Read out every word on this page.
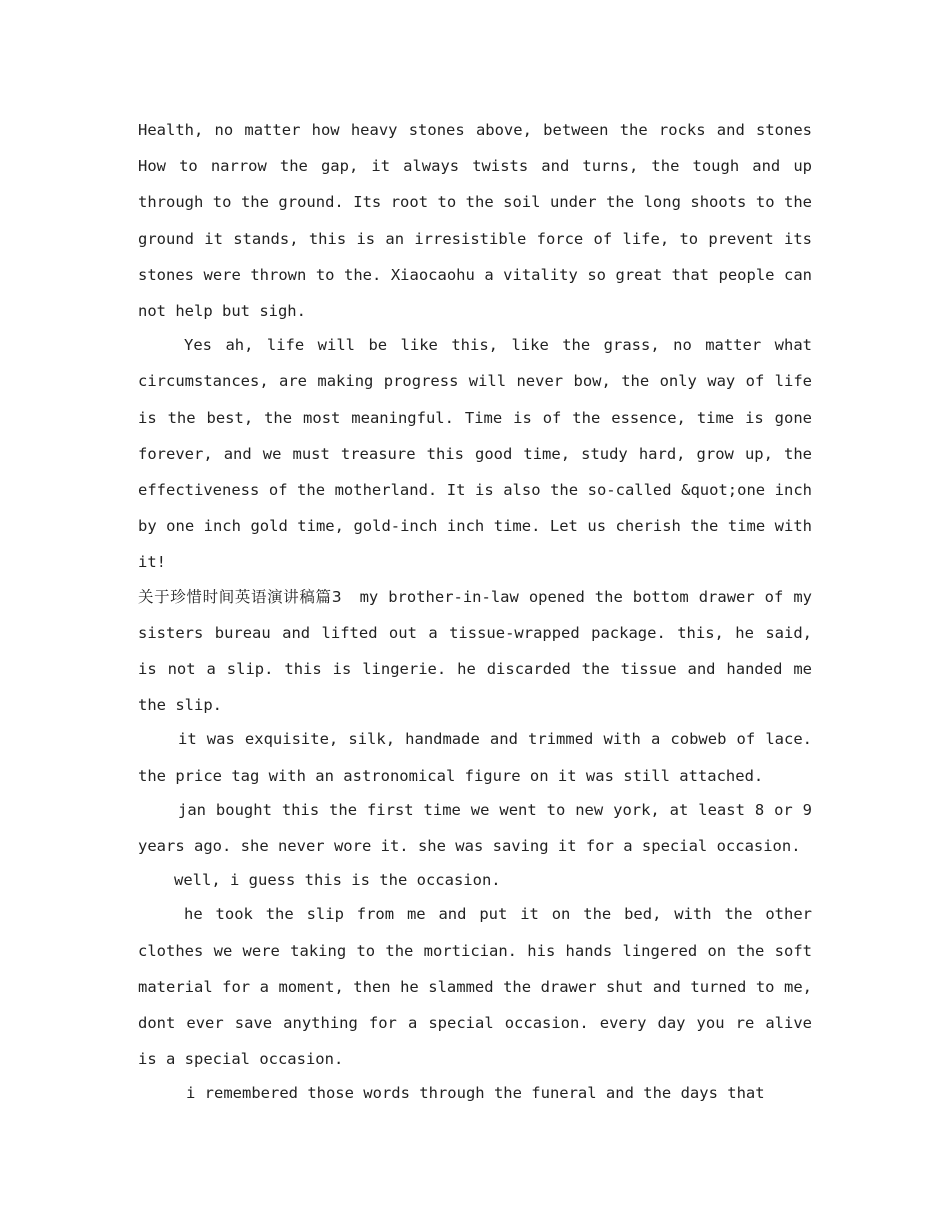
Health, no matter how heavy stones above, between the rocks and stones How to narrow the gap, it always twists and turns, the tough and up through to the ground. Its root to the soil under the long shoots to the ground it stands, this is an irresistible force of life, to prevent its stones were thrown to the. Xiaocaohu a vitality so great that people can not help but sigh.

Yes ah, life will be like this, like the grass, no matter what circumstances, are making progress will never bow, the only way of life is the best, the most meaningful. Time is of the essence, time is gone forever, and we must treasure this good time, study hard, grow up, the effectiveness of the motherland. It is also the so-called &quot;one inch by one inch gold time, gold-inch inch time. Let us cherish the time with it!

关于珍惜时间英语演讲稿篇3 my brother-in-law opened the bottom drawer of my sisters bureau and lifted out a tissue-wrapped package. this, he said, is not a slip. this is lingerie. he discarded the tissue and handed me the slip.

it was exquisite, silk, handmade and trimmed with a cobweb of lace. the price tag with an astronomical figure on it was still attached.

jan bought this the first time we went to new york, at least 8 or 9 years ago. she never wore it. she was saving it for a special occasion.

well, i guess this is the occasion.

he took the slip from me and put it on the bed, with the other clothes we were taking to the mortician. his hands lingered on the soft material for a moment, then he slammed the drawer shut and turned to me, dont ever save anything for a special occasion. every day you re alive is a special occasion.

i remembered those words through the funeral and the days that
